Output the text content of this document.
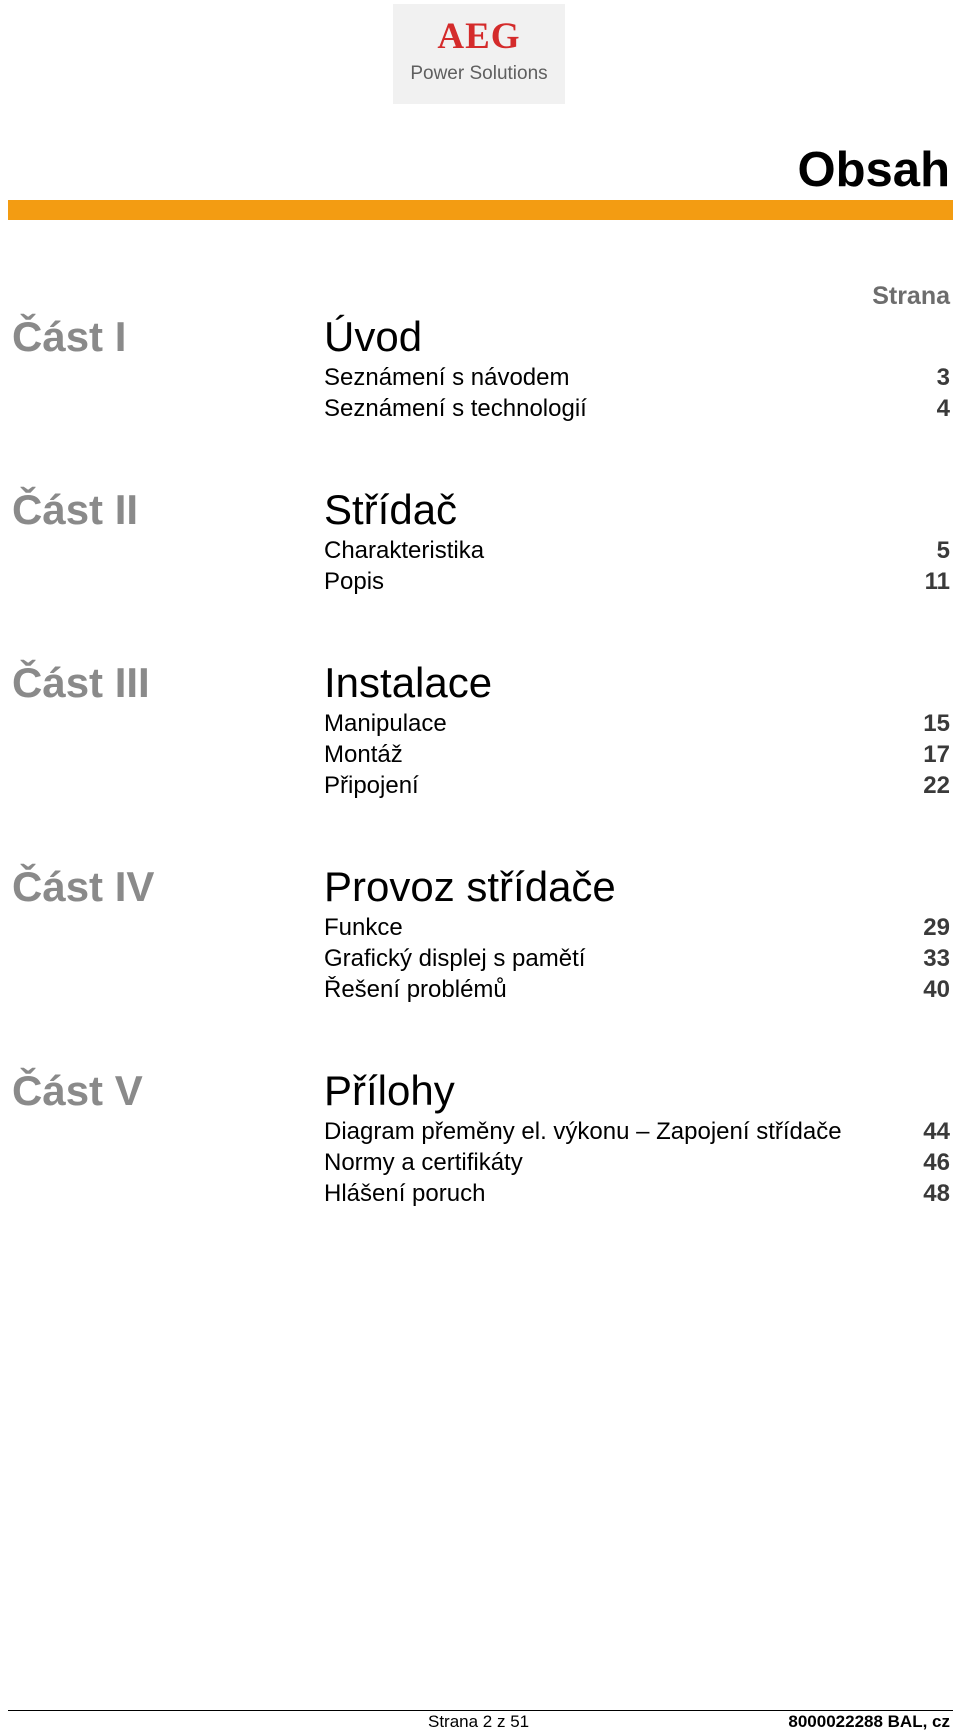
AEG
Power Solutions
Obsah
Strana
Část I	Úvod
Seznámení s návodem	3
Seznámení s technologií	4
Část II	Střídač
Charakteristika	5
Popis	11
Část III	Instalace
Manipulace	15
Montáž	17
Připojení	22
Část IV	Provoz střídače
Funkce	29
Grafický displej s pamětí	33
Řešení problémů	40
Část V	Přílohy
Diagram přeměny el. výkonu – Zapojení střídače	44
Normy a certifikáty	46
Hlášení poruch	48
Strana 2 z 51	8000022288 BAL, cz
